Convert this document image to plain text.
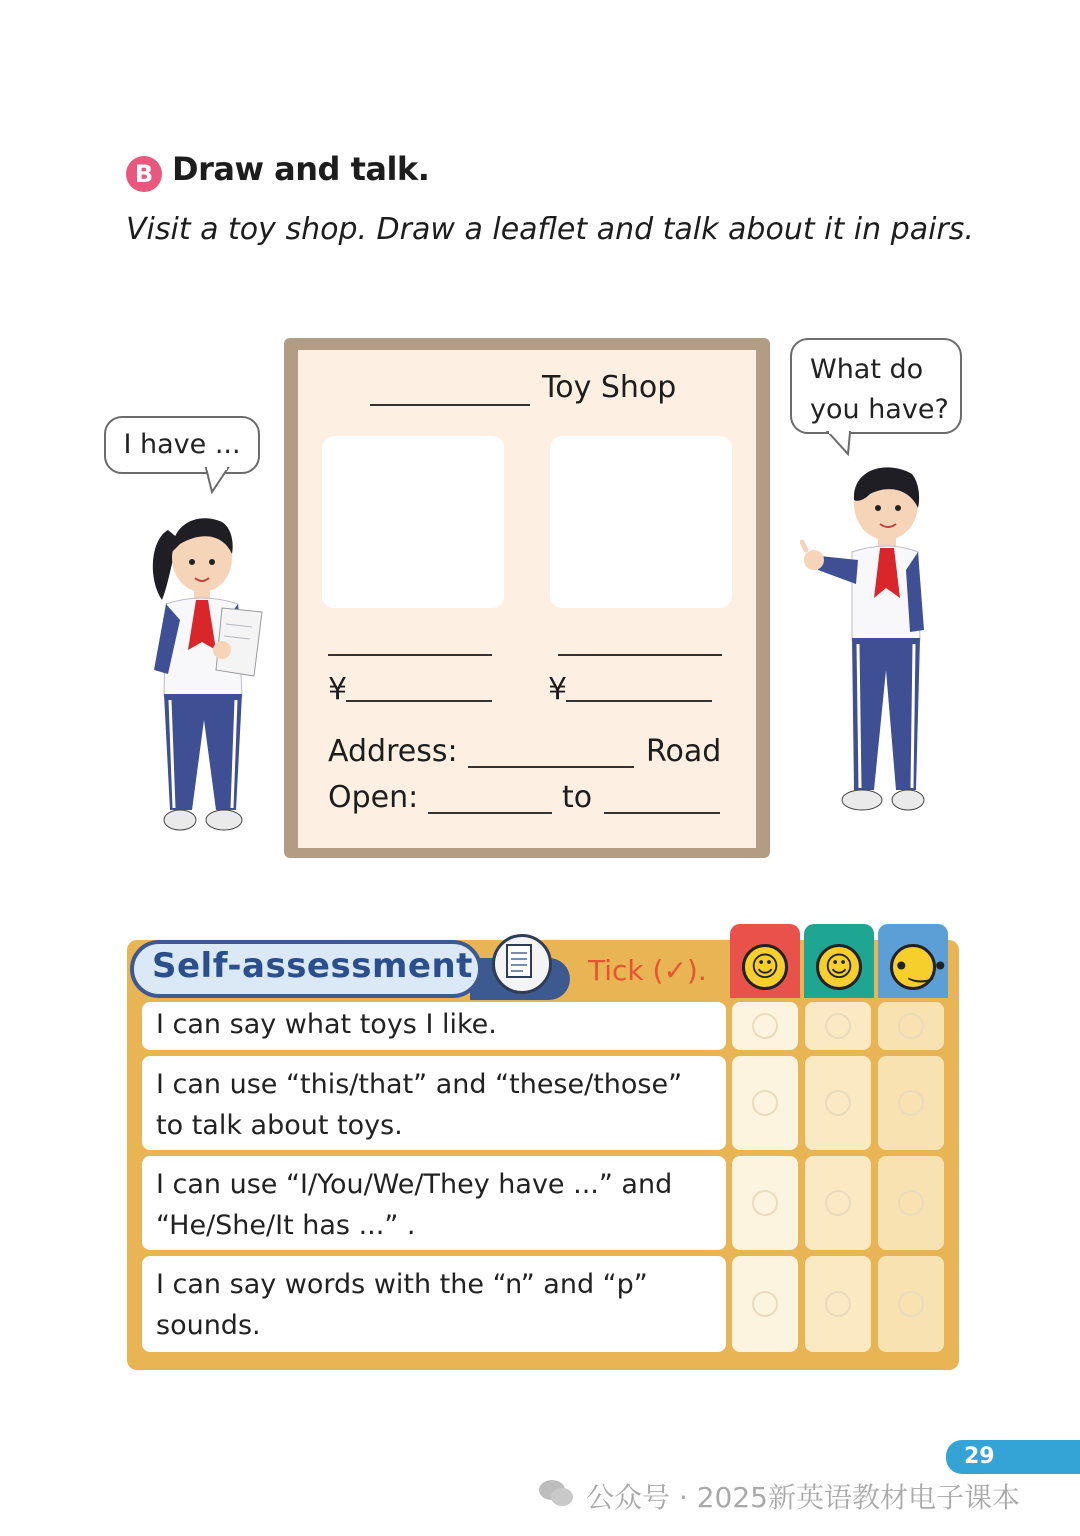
B Draw and talk.
Visit a toy shop. Draw a leaflet and talk about it in pairs.
I have ...
What do
you have?
Toy Shop
¥	¥
Address:	Road
Open:	to
Self-assessment	Tick (✓). ☺	☺	•‿•
I can say what toys I like.
I can use “this/that” and “these/those”
to talk about toys.
I can use “I/You/We/They have ...” and
“He/She/It has ...” .
I can say words with the “n” and “p”
sounds.
29
公众号 · 2025新英语教材电子课本
